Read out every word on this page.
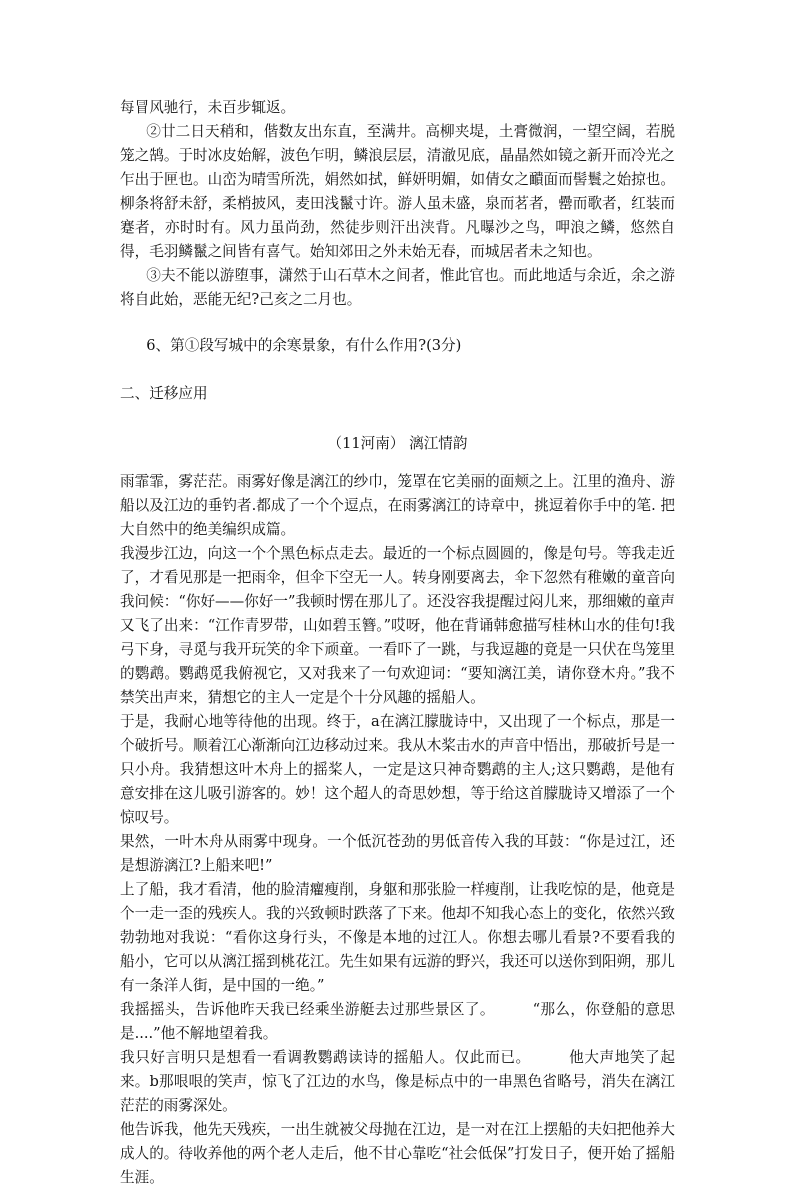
每冒风驰行，未百步辄返。

②廿二日天稍和，偕数友出东直，至满井。高柳夹堤，土膏微润，一望空阔，若脱笼之鹄。于时冰皮始解，波色乍明，鳞浪层层，清澈见底，晶晶然如镜之新开而冷光之乍出于匣也。山峦为晴雪所洗，娟然如拭，鲜妍明媚，如倩女之靧面而髻鬟之始掠也。柳条将舒未舒，柔梢披风，麦田浅鬣寸许。游人虽未盛，泉而茗者，罍而歌者，红装而蹇者，亦时时有。风力虽尚劲，然徒步则汗出浃背。凡曝沙之鸟，呷浪之鳞，悠然自得，毛羽鳞鬣之间皆有喜气。始知郊田之外未始无春，而城居者未之知也。

③夫不能以游堕事，潇然于山石草木之间者，惟此官也。而此地适与余近，余之游将自此始，恶能无纪?己亥之二月也。

6、第①段写城中的余寒景象，有什么作用?(3分)

二、迁移应用

（11河南） 漓江情韵

雨霏霏，雾茫茫。雨雾好像是漓江的纱巾，笼罩在它美丽的面颊之上。江里的渔舟、游船以及江边的垂钓者.都成了一个个逗点，在雨雾漓江的诗章中，挑逗着你手中的笔. 把大自然中的绝美编织成篇。

我漫步江边，向这一个个黑色标点走去。最近的一个标点圆圆的，像是句号。等我走近了，才看见那是一把雨伞，但伞下空无一人。转身刚要离去，伞下忽然有稚嫩的童音向我问候：“你好——你好一”我顿时愣在那儿了。还没容我提醒过闷儿来，那细嫩的童声又飞了出来：“江作青罗带，山如碧玉簪。”哎呀，他在背诵韩愈描写桂林山水的佳句!我弓下身，寻觅与我开玩笑的伞下顽童。一看吓了一跳，与我逗趣的竟是一只伏在鸟笼里的鹦鹉。鹦鹉觅我俯视它，又对我来了一句欢迎词：“要知漓江美，请你登木舟。”我不禁笑出声来，猜想它的主人一定是个十分风趣的摇船人。

于是，我耐心地等待他的出现。终于，a在漓江朦胧诗中，又出现了一个标点，那是一个破折号。顺着江心渐渐向江边移动过来。我从木桨击水的声音中悟出，那破折号是一只小舟。我猜想这叶木舟上的摇桨人，一定是这只神奇鹦鹉的主人;这只鹦鹉，是他有意安排在这儿吸引游客的。妙！这个超人的奇思妙想，等于给这首朦胧诗又增添了一个惊叹号。

果然，一叶木舟从雨雾中现身。一个低沉苍劲的男低音传入我的耳鼓：“你是过江，还是想游漓江?上船来吧!”

上了船，我才看清，他的脸清癯瘦削，身躯和那张脸一样瘦削，让我吃惊的是，他竟是个一走一歪的残疾人。我的兴致顿时跌落了下来。他却不知我心态上的变化，依然兴致勃勃地对我说：“看你这身行头，不像是本地的过江人。你想去哪儿看景?不要看我的船小，它可以从漓江摇到桃花江。先生如果有远游的野兴，我还可以送你到阳朔，那儿有一条洋人街，是中国的一绝。”

我摇摇头，告诉他昨天我已经乘坐游艇去过那些景区了。　　　“那么，你登船的意思是....”他不解地望着我。

我只好言明只是想看一看调教鹦鹉读诗的摇船人。仅此而已。　　　他大声地笑了起来。b那哏哏的笑声，惊飞了江边的水鸟，像是标点中的一串黑色省略号，消失在漓江茫茫的雨雾深处。

他告诉我，他先天残疾，一出生就被父母抛在江边，是一对在江上摆船的夫妇把他养大成人的。待收养他的两个老人走后，他不甘心靠吃“社会低保”打发日子，便开始了摇船生涯。
